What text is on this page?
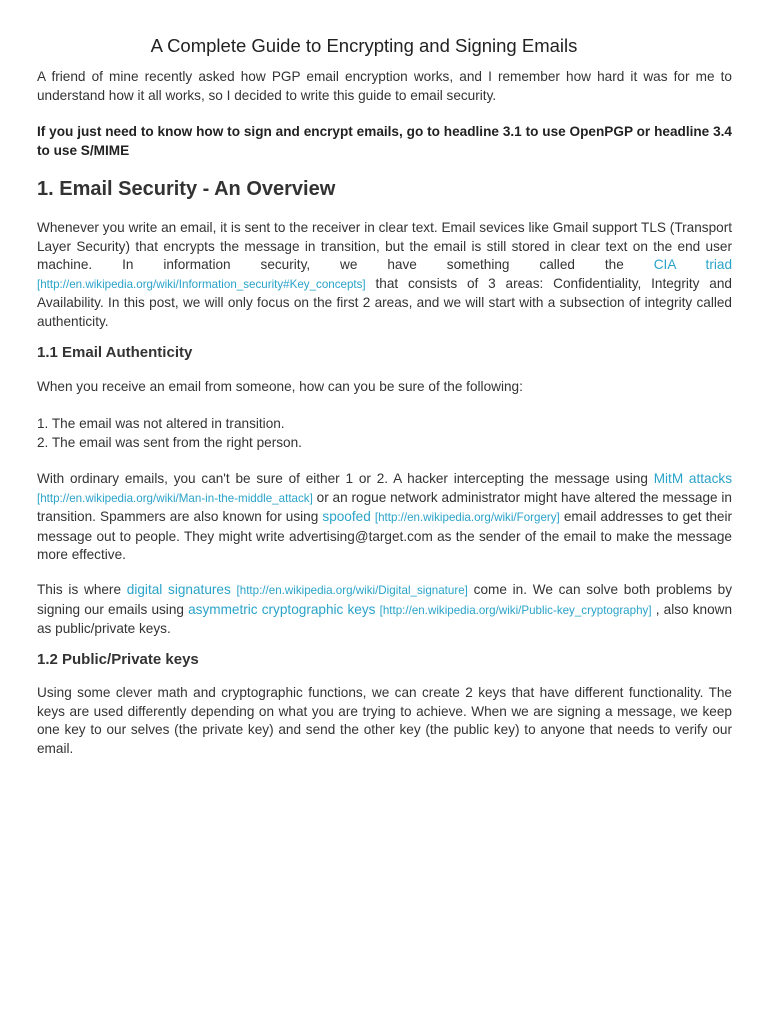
A Complete Guide to Encrypting and Signing Emails

A friend of mine recently asked how PGP email encryption works, and I remember how hard it was for me to understand how it all works, so I decided to write this guide to email security.

If you just need to know how to sign and encrypt emails, go to headline 3.1 to use OpenPGP or headline 3.4 to use S/MIME

1. Email Security - An Overview

Whenever you write an email, it is sent to the receiver in clear text. Email sevices like Gmail support TLS (Transport Layer Security) that encrypts the message in transition, but the email is still stored in clear text on the end user machine. In information security, we have something called the CIA triad [http://en.wikipedia.org/wiki/Information_security#Key_concepts] that consists of 3 areas: Confidentiality, Integrity and Availability. In this post, we will only focus on the first 2 areas, and we will start with a subsection of integrity called authenticity.

1.1 Email Authenticity

When you receive an email from someone, how can you be sure of the following:

1. The email was not altered in transition.
2. The email was sent from the right person.

With ordinary emails, you can't be sure of either 1 or 2. A hacker intercepting the message using MitM attacks [http://en.wikipedia.org/wiki/Man-in-the-middle_attack] or an rogue network administrator might have altered the message in transition. Spammers are also known for using spoofed [http://en.wikipedia.org/wiki/Forgery] email addresses to get their message out to people. They might write advertising@target.com as the sender of the email to make the message more effective.

This is where digital signatures [http://en.wikipedia.org/wiki/Digital_signature] come in. We can solve both problems by signing our emails using asymmetric cryptographic keys [http://en.wikipedia.org/wiki/Public-key_cryptography] , also known as public/private keys.

1.2 Public/Private keys

Using some clever math and cryptographic functions, we can create 2 keys that have different functionality. The keys are used differently depending on what you are trying to achieve. When we are signing a message, we keep one key to our selves (the private key) and send the other key (the public key) to anyone that needs to verify our email.
